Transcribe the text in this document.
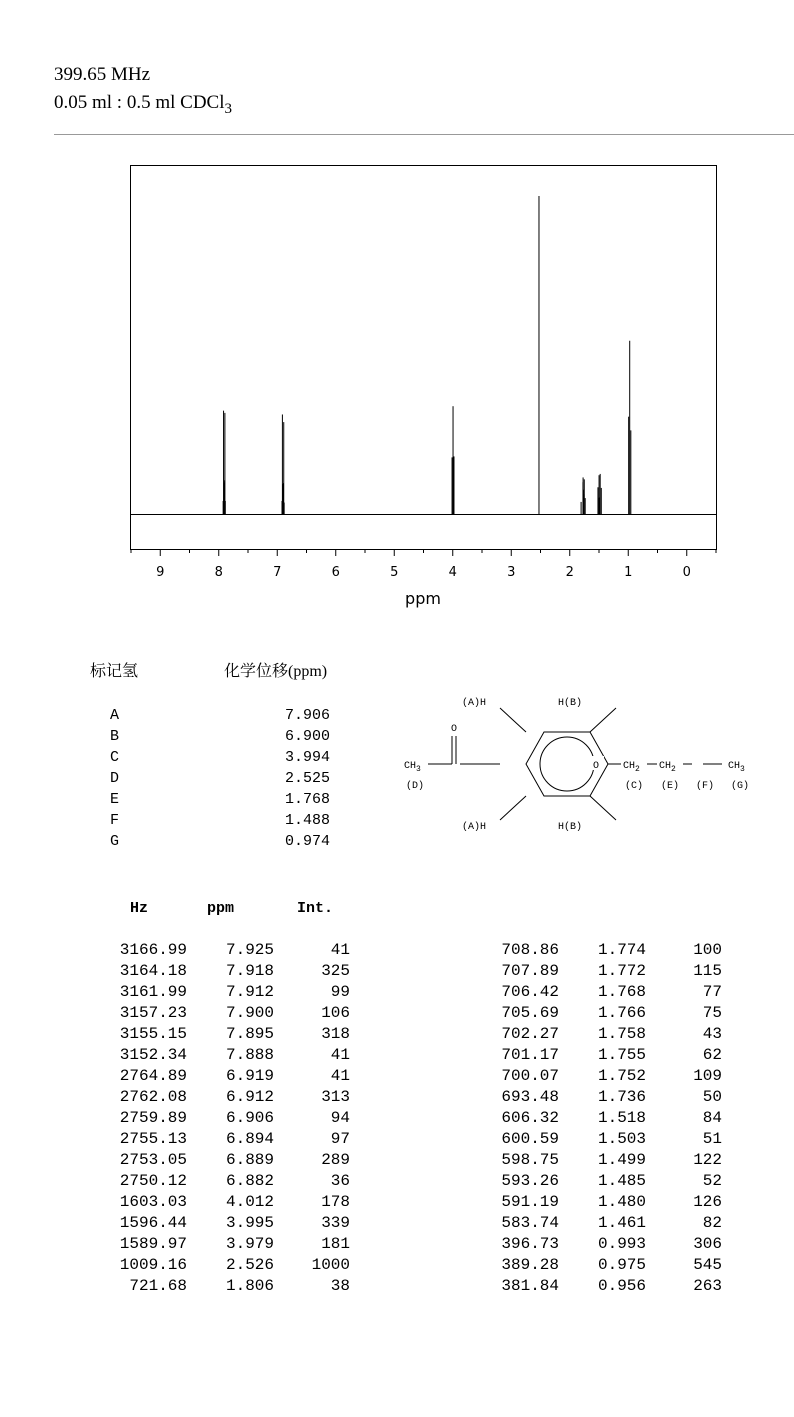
399.65 MHz
0.05 ml : 0.5 ml CDCl$_3$
9	8	7	6	5	4	3	2	1	0
ppm
标记氢	化学位移(ppm)
A	7.906
B	6.900
C	3.994
D	2.525
E	1.768
F	1.488
G	0.974
O $CH_2$ $CH_2$	$CH_3$
$CH_3$
O
(D)
(A)H	H(B)
(A)H	H(B)
(C) (E) (F) (G)
Hz	ppm	Int.
3166.99 7.925	41
3164.18 7.918	325
3161.99 7.912	99
3157.23 7.900	106
3155.15 7.895	318
3152.34 7.888	41
2764.89 6.919	41
2762.08 6.912	313
2759.89 6.906	94
2755.13 6.894	97
2753.05 6.889	289
2750.12 6.882	36
1603.03 4.012	178
1596.44 3.995	339
1589.97 3.979	181
1009.16 2.526 1000
721.68 1.806	38
708.86 1.774	100
707.89 1.772	115
706.42 1.768	77
705.69 1.766	75
702.27 1.758	43
701.17 1.755	62
700.07 1.752	109
693.48 1.736	50
606.32 1.518	84
600.59 1.503	51
598.75 1.499	122
593.26 1.485	52
591.19 1.480	126
583.74 1.461	82
396.73 0.993	306
389.28 0.975	545
381.84 0.956	263
